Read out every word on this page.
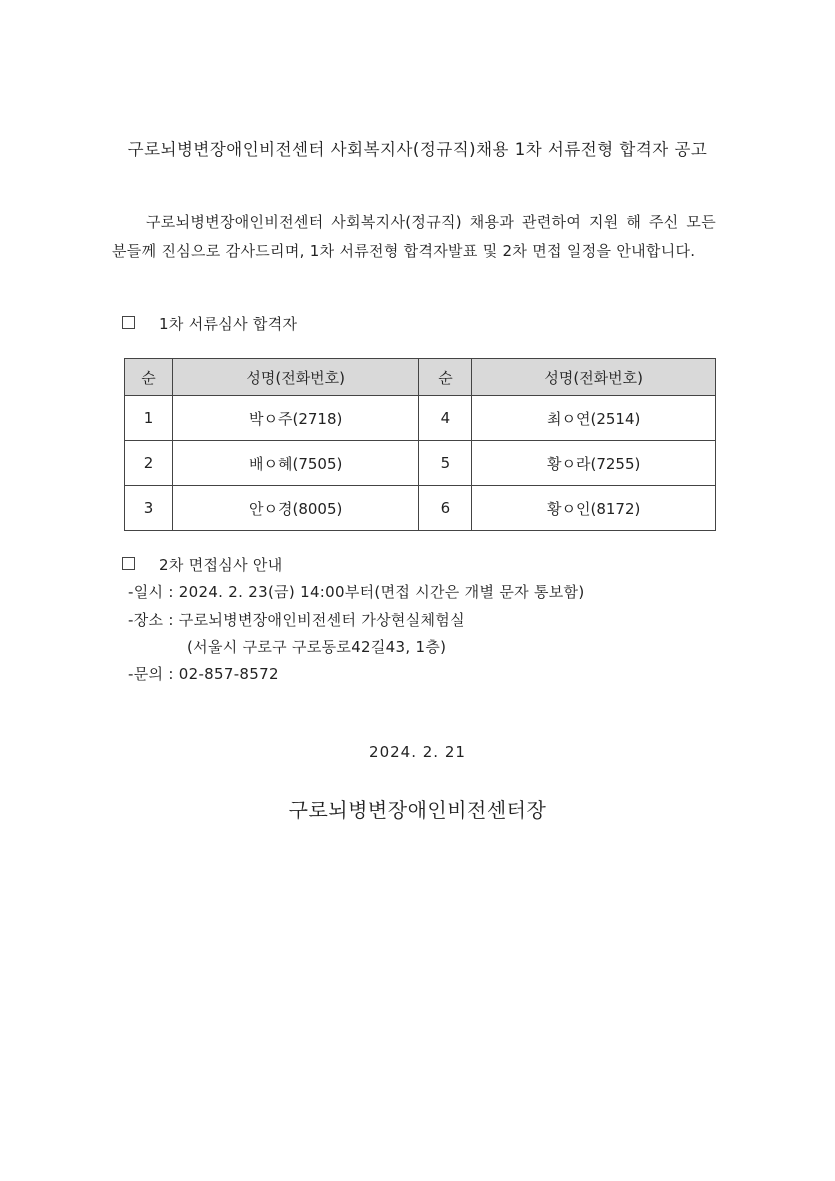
구로뇌병변장애인비전센터 사회복지사(정규직)채용 1차 서류전형 합격자 공고
구로뇌병변장애인비전센터 사회복지사(정규직) 채용과 관련하여 지원 해 주신 모든 분들께 진심으로 감사드리며, 1차 서류전형 합격자발표 및 2차 면접 일정을 안내합니다.
1차 서류심사 합격자
순	성명(전화번호)	순	성명(전화번호)
1	박ㅇ주(2718)	4	최ㅇ연(2514)
2	배ㅇ혜(7505)	5	황ㅇ라(7255)
3	안ㅇ경(8005)	6	황ㅇ인(8172)
2차 면접심사 안내
-일시 : 2024. 2. 23(금) 14:00부터(면접 시간은 개별 문자 통보함)
-장소 : 구로뇌병변장애인비전센터 가상현실체험실
(서울시 구로구 구로동로42길43, 1층)
-문의 : 02-857-8572
2024. 2. 21
구로뇌병변장애인비전센터장
